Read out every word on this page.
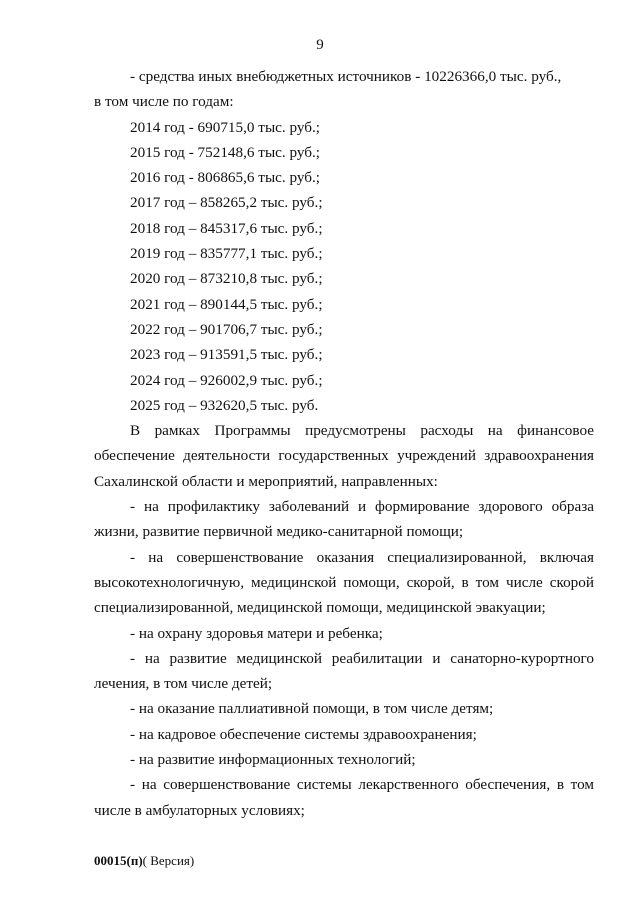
9

- средства иных внебюджетных источников - 10226366,0 тыс. руб.,

в том числе по годам:

2014 год - 690715,0 тыс. руб.;
2015 год - 752148,6 тыс. руб.;
2016 год - 806865,6 тыс. руб.;
2017 год – 858265,2 тыс. руб.;
2018 год – 845317,6 тыс. руб.;
2019 год – 835777,1 тыс. руб.;
2020 год – 873210,8 тыс. руб.;
2021 год – 890144,5 тыс. руб.;
2022 год – 901706,7 тыс. руб.;
2023 год – 913591,5 тыс. руб.;
2024 год – 926002,9 тыс. руб.;
2025 год – 932620,5 тыс. руб.

В рамках Программы предусмотрены расходы на финансовое обеспечение деятельности государственных учреждений здравоохранения Сахалинской области и мероприятий, направленных:

- на профилактику заболеваний и формирование здорового образа жизни, развитие первичной медико-санитарной помощи;

- на совершенствование оказания специализированной, включая высокотехнологичную, медицинской помощи, скорой, в том числе скорой специализированной, медицинской помощи, медицинской эвакуации;

- на охрану здоровья матери и ребенка;

- на развитие медицинской реабилитации и санаторно-курортного лечения, в том числе детей;

- на оказание паллиативной помощи, в том числе детям;

- на кадровое обеспечение системы здравоохранения;

- на развитие информационных технологий;

- на совершенствование системы лекарственного обеспечения, в том числе в амбулаторных условиях;

00015(п)( Версия)
